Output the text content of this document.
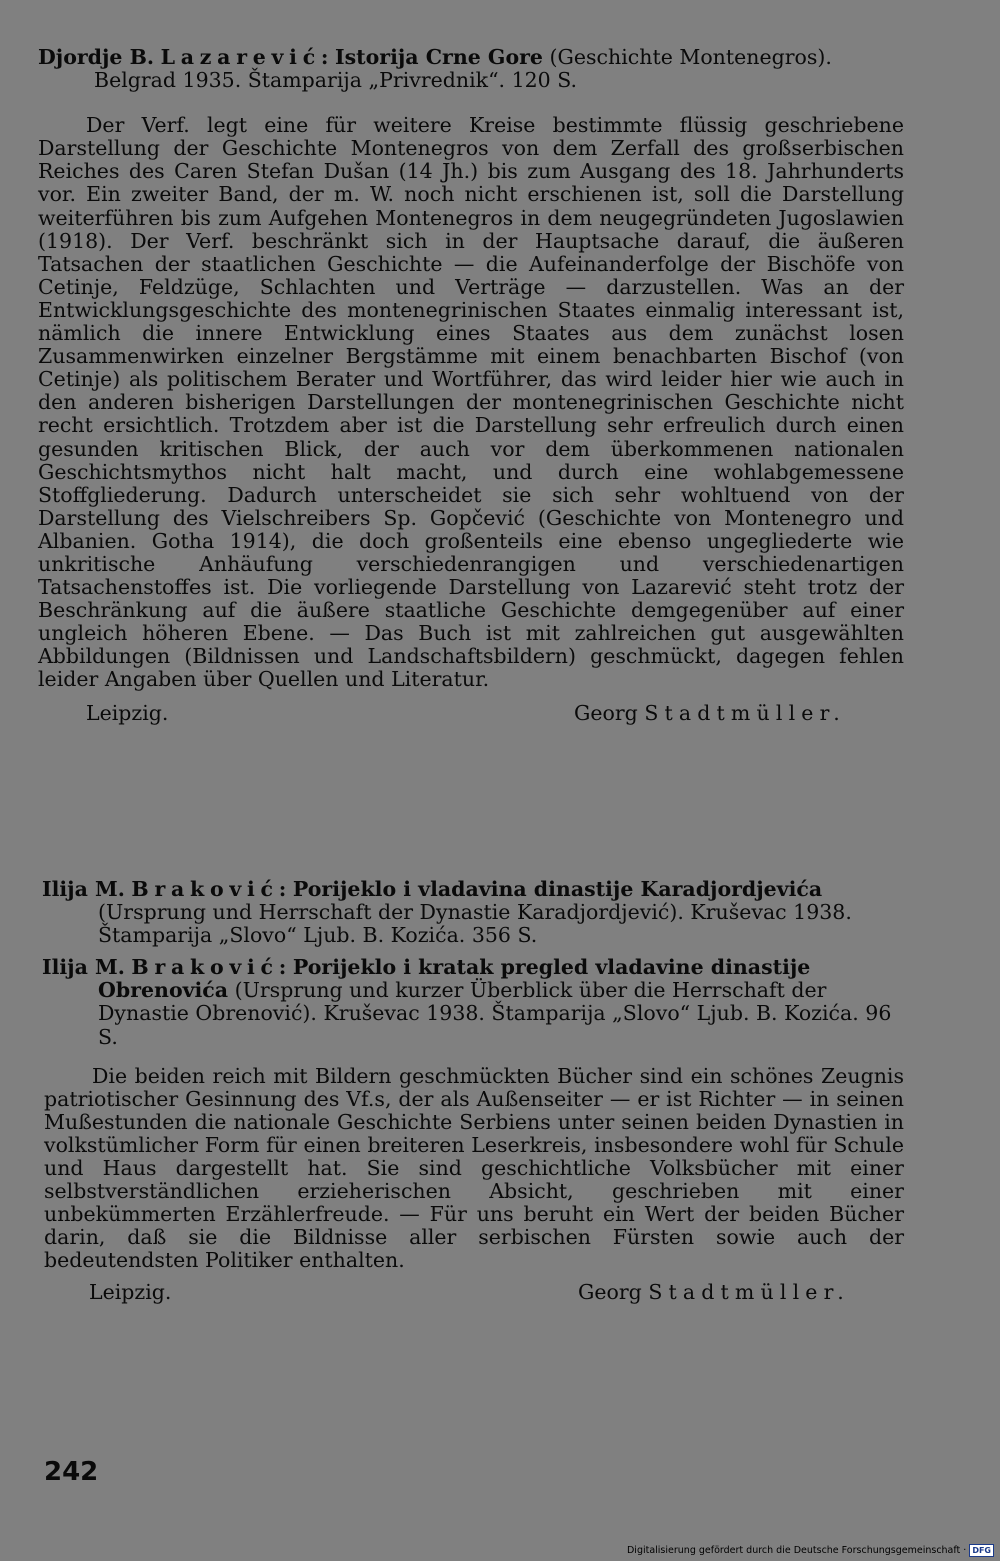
Djordje B. Lazarević: Istorija Crne Gore (Geschichte Montenegros). Belgrad 1935. Štamparija „Privrednik“. 120 S.

Der Verf. legt eine für weitere Kreise bestimmte flüssig geschriebene Darstellung der Geschichte Montenegros von dem Zerfall des großserbischen Reiches des Caren Stefan Dušan (14 Jh.) bis zum Ausgang des 18. Jahrhunderts vor. Ein zweiter Band, der m. W. noch nicht erschienen ist, soll die Darstellung weiterführen bis zum Aufgehen Montenegros in dem neugegründeten Jugoslawien (1918). Der Verf. beschränkt sich in der Hauptsache darauf, die äußeren Tatsachen der staatlichen Geschichte — die Aufeinanderfolge der Bischöfe von Cetinje, Feldzüge, Schlachten und Verträge — darzustellen. Was an der Entwicklungsgeschichte des montenegrinischen Staates einmalig interessant ist, nämlich die innere Entwicklung eines Staates aus dem zunächst losen Zusammenwirken einzelner Bergstämme mit einem benachbarten Bischof (von Cetinje) als politischem Berater und Wortführer, das wird leider hier wie auch in den anderen bisherigen Darstellungen der montenegrinischen Geschichte nicht recht ersichtlich. Trotzdem aber ist die Darstellung sehr erfreulich durch einen gesunden kritischen Blick, der auch vor dem überkommenen nationalen Geschichtsmythos nicht halt macht, und durch eine wohlabgemessene Stoffgliederung. Dadurch unterscheidet sie sich sehr wohltuend von der Darstellung des Vielschreibers Sp. Gopčević (Geschichte von Montenegro und Albanien. Gotha 1914), die doch großenteils eine ebenso ungegliederte wie unkritische Anhäufung verschiedenrangigen und verschiedenartigen Tatsachenstoffes ist. Die vorliegende Darstellung von Lazarević steht trotz der Beschränkung auf die äußere staatliche Geschichte demgegenüber auf einer ungleich höheren Ebene. — Das Buch ist mit zahlreichen gut ausgewählten Abbildungen (Bildnissen und Landschaftsbildern) geschmückt, dagegen fehlen leider Angaben über Quellen und Literatur.

Leipzig.	Georg Stadtmüller.

Ilija M. Braković: Porijeklo i vladavina dinastije Karadjordjevića (Ursprung und Herrschaft der Dynastie Karadjordjević). Kruševac 1938. Štamparija „Slovo“ Ljub. B. Kozića. 356 S.

Ilija M. Braković: Porijeklo i kratak pregled vladavine dinastije Obrenovića (Ursprung und kurzer Überblick über die Herrschaft der Dynastie Obrenović). Kruševac 1938. Štamparija „Slovo“ Ljub. B. Kozića. 96 S.

Die beiden reich mit Bildern geschmückten Bücher sind ein schönes Zeugnis patriotischer Gesinnung des Vf.s, der als Außenseiter — er ist Richter — in seinen Mußestunden die nationale Geschichte Serbiens unter seinen beiden Dynastien in volkstümlicher Form für einen breiteren Leserkreis, insbesondere wohl für Schule und Haus dargestellt hat. Sie sind geschichtliche Volksbücher mit einer selbstverständlichen erzieherischen Absicht, geschrieben mit einer unbekümmerten Erzählerfreude. — Für uns beruht ein Wert der beiden Bücher darin, daß sie die Bildnisse aller serbischen Fürsten sowie auch der bedeutendsten Politiker enthalten.

Leipzig.	Georg Stadtmüller.
242
Digitalisierung gefördert durch die Deutsche Forschungsgemeinschaft · DFG
